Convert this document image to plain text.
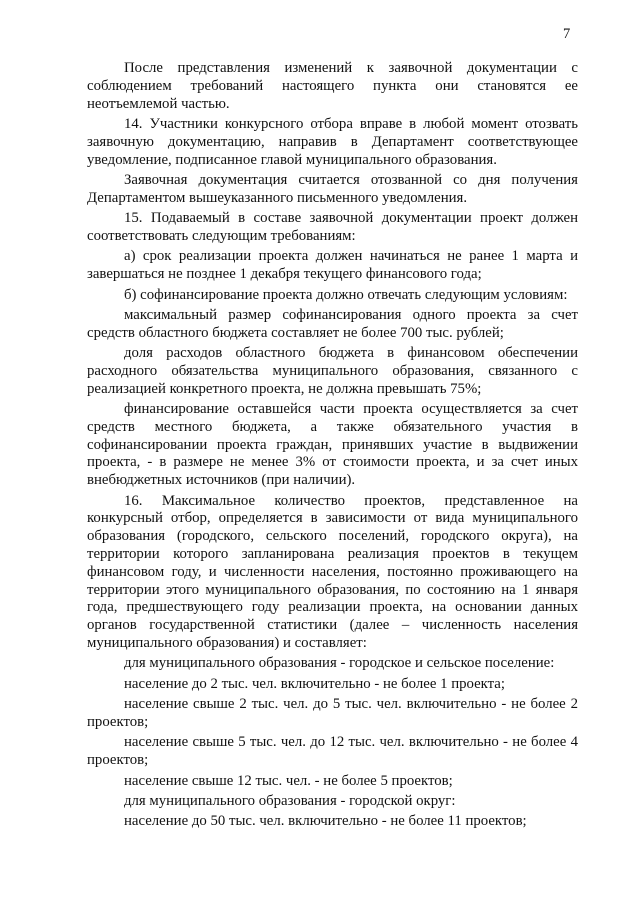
7

После представления изменений к заявочной документации с соблюдением требований настоящего пункта они становятся ее неотъемлемой частью.

14. Участники конкурсного отбора вправе в любой момент отозвать заявочную документацию, направив в Департамент соответствующее уведомление, подписанное главой муниципального образования.

Заявочная документация считается отозванной со дня получения Департаментом вышеуказанного письменного уведомления.

15. Подаваемый в составе заявочной документации проект должен соответствовать следующим требованиям:

а) срок реализации проекта должен начинаться не ранее 1 марта и завершаться не позднее 1 декабря текущего финансового года;

б) софинансирование проекта должно отвечать следующим условиям:

максимальный размер софинансирования одного проекта за счет средств областного бюджета составляет не более 700 тыс. рублей;

доля расходов областного бюджета в финансовом обеспечении расходного обязательства муниципального образования, связанного с реализацией конкретного проекта, не должна превышать 75%;

финансирование оставшейся части проекта осуществляется за счет средств местного бюджета, а также обязательного участия в софинансировании проекта граждан, принявших участие в выдвижении проекта, - в размере не менее 3% от стоимости проекта, и за счет иных внебюджетных источников (при наличии).

16. Максимальное количество проектов, представленное на конкурсный отбор, определяется в зависимости от вида муниципального образования (городского, сельского поселений, городского округа), на территории которого запланирована реализация проектов в текущем финансовом году, и численности населения, постоянно проживающего на территории этого муниципального образования, по состоянию на 1 января года, предшествующего году реализации проекта, на основании данных органов государственной статистики (далее – численность населения муниципального образования) и составляет:

для муниципального образования - городское и сельское поселение:

население до 2 тыс. чел. включительно - не более 1 проекта;

население свыше 2 тыс. чел. до 5 тыс. чел. включительно - не более 2 проектов;

население свыше 5 тыс. чел. до 12 тыс. чел. включительно - не более 4 проектов;

население свыше 12 тыс. чел. - не более 5 проектов;

для муниципального образования - городской округ:

население до 50 тыс. чел. включительно - не более 11 проектов;
